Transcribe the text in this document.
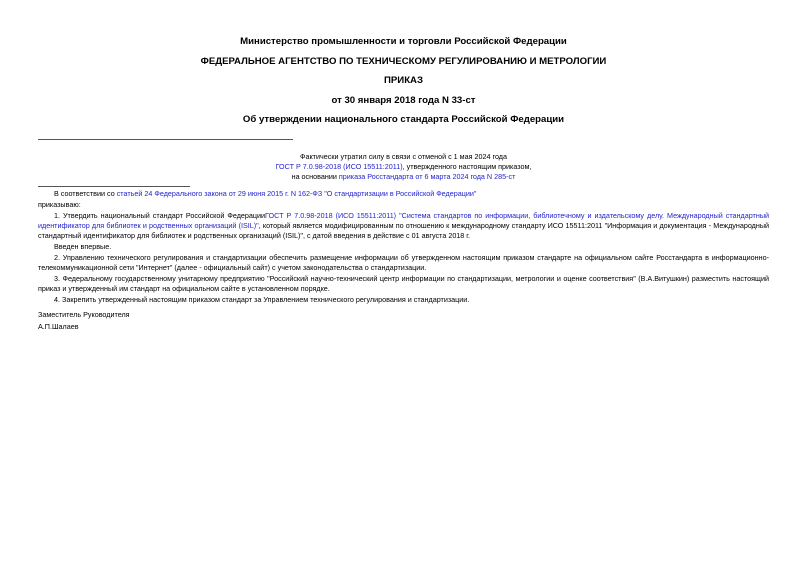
Министерство промышленности и торговли Российской Федерации
ФЕДЕРАЛЬНОЕ АГЕНТСТВО ПО ТЕХНИЧЕСКОМУ РЕГУЛИРОВАНИЮ И МЕТРОЛОГИИ
ПРИКАЗ
от 30 января 2018 года N 33-ст
Об утверждении национального стандарта Российской Федерации
Фактически утратил силу в связи с отменой с 1 мая 2024 года
ГОСТ Р 7.0.98-2018 (ИСО 15511:2011), утвержденного настоящим приказом,
на основании приказа Росстандарта от 6 марта 2024 года N 285-ст

В соответствии со статьей 24 Федерального закона от 29 июня 2015 г. N 162-ФЗ "О стандартизации в Российской Федерации"

приказываю:

1. Утвердить национальный стандарт Российской ФедерацииГОСТ Р 7.0.98-2018 (ИСО 15511:2011) "Система стандартов по информации, библиотечному и издательскому делу. Международный стандартный идентификатор для библиотек и родственных организаций (ISIL)", который является модифицированным по отношению к международному стандарту ИСО 15511:2011 "Информация и документация - Международный стандартный идентификатор для библиотек и родственных организаций (ISIL)", с датой введения в действие с 01 августа 2018 г.

Введен впервые.

2. Управлению технического регулирования и стандартизации обеспечить размещение информации об утвержденном настоящим приказом стандарте на официальном сайте Росстандарта в информационно-телекоммуникационной сети "Интернет" (далее - официальный сайт) с учетом законодательства о стандартизации.

3. Федеральному государственному унитарному предприятию "Российский научно-технический центр информации по стандартизации, метрологии и оценке соответствия" (В.А.Витушкин) разместить настоящий приказ и утвержденный им стандарт на официальном сайте в установленном порядке.

4. Закрепить утвержденный настоящим приказом стандарт за Управлением технического регулирования и стандартизации.

Заместитель Руководителя

А.П.Шалаев
